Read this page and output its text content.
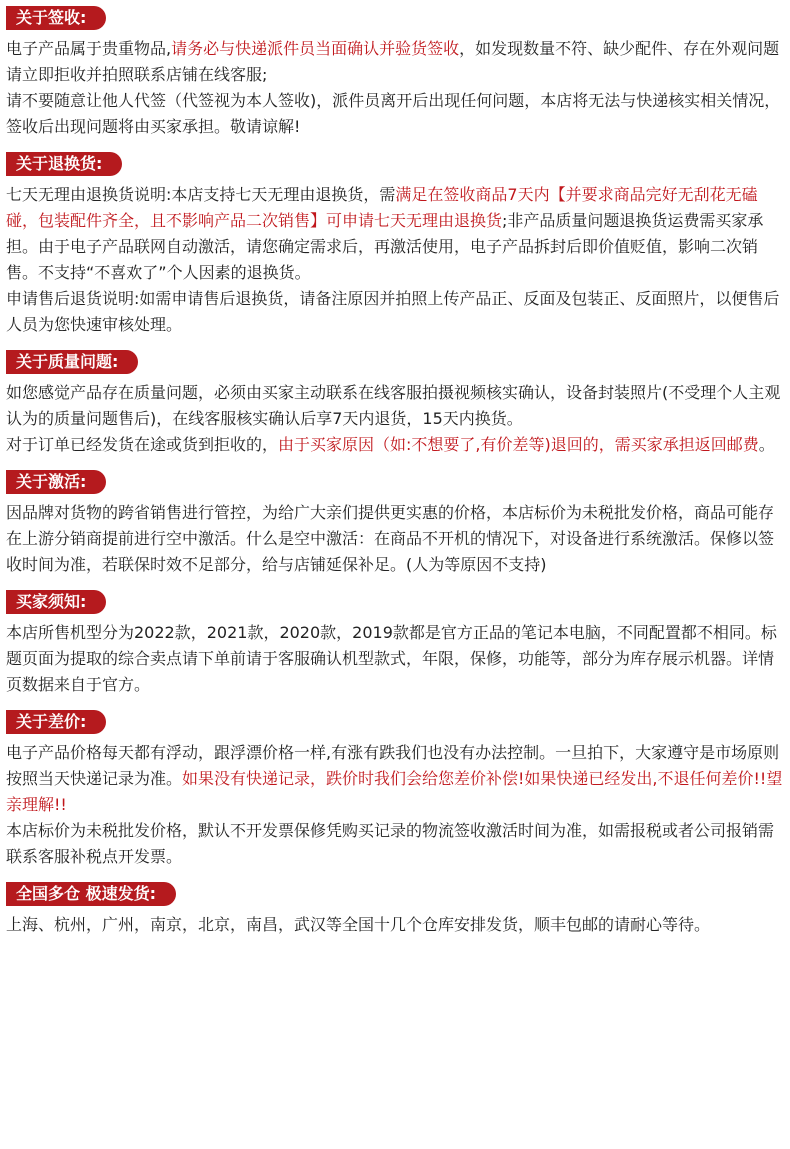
关于签收:

电子产品属于贵重物品,请务必与快递派件员当面确认并验货签收，如发现数量不符、缺少配件、存在外观问题请立即拒收并拍照联系店铺在线客服;

请不要随意让他人代签（代签视为本人签收)，派件员离开后出现任何问题，本店将无法与快递核实相关情况，签收后出现问题将由买家承担。敬请谅解!

关于退换货:

七天无理由退换货说明:本店支持七天无理由退换货，需满足在签收商品7天内【并要求商品完好无刮花无磕碰，包装配件齐全，且不影响产品二次销售】可申请七天无理由退换货;非产品质量问题退换货运费需买家承担。由于电子产品联网自动激活，请您确定需求后，再激活使用，电子产品拆封后即价值贬值，影响二次销售。不支持“不喜欢了”个人因素的退换货。

申请售后退货说明:如需申请售后退换货，请备注原因并拍照上传产品正、反面及包装正、反面照片，以便售后人员为您快速审核处理。

关于质量问题:

如您感觉产品存在质量问题，必须由买家主动联系在线客服拍摄视频核实确认，设备封装照片(不受理个人主观认为的质量问题售后)，在线客服核实确认后享7天内退货，15天内换货。

对于订单已经发货在途或货到拒收的，由于买家原因（如:不想要了,有价差等)退回的，需买家承担返回邮费。

关于激活:

因品牌对货物的跨省销售进行管控，为给广大亲们提供更实惠的价格，本店标价为未税批发价格，商品可能存在上游分销商提前进行空中激活。什么是空中激活：在商品不开机的情况下，对设备进行系统激活。保修以签收时间为准，若联保时效不足部分，给与店铺延保补足。(人为等原因不支持)

买家须知:

本店所售机型分为2022款，2021款，2020款，2019款都是官方正品的笔记本电脑，不同配置都不相同。标题页面为提取的综合卖点请下单前请于客服确认机型款式，年限，保修，功能等，部分为库存展示机器。详情页数据来自于官方。

关于差价:

电子产品价格每天都有浮动，跟浮漂价格一样,有涨有跌我们也没有办法控制。一旦拍下，大家遵守是市场原则按照当天快递记录为准。如果没有快递记录，跌价时我们会给您差价补偿!如果快递已经发出,不退任何差价!!望亲理解!!

本店标价为未税批发价格，默认不开发票保修凭购买记录的物流签收激活时间为准，如需报税或者公司报销需联系客服补税点开发票。

全国多仓 极速发货:

上海、杭州，广州，南京，北京，南昌，武汉等全国十几个仓库安排发货，顺丰包邮的请耐心等待。
